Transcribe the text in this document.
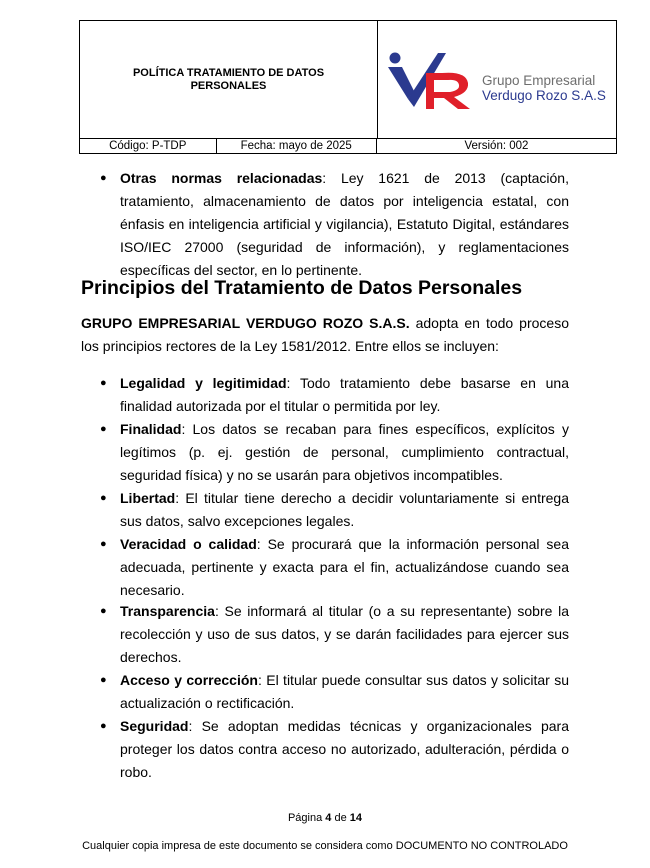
POLÍTICA TRATAMIENTO DE DATOS
PERSONALES	Grupo Empresarial
Verdugo Rozo S.A.S
Código: P-TDP	Fecha: mayo de 2025	Versión: 002
● Otras normas relacionadas: Ley 1621 de 2013 (captación, tratamiento, almacenamiento de datos por inteligencia estatal, con énfasis en inteligencia artificial y vigilancia), Estatuto Digital, estándares ISO/IEC 27000 (seguridad de información), y reglamentaciones específicas del sector, en lo pertinente.
Principios del Tratamiento de Datos Personales
GRUPO EMPRESARIAL VERDUGO ROZO S.A.S. adopta en todo proceso los principios rectores de la Ley 1581/2012. Entre ellos se incluyen:
● Legalidad y legitimidad: Todo tratamiento debe basarse en una finalidad autorizada por el titular o permitida por ley.
● Finalidad: Los datos se recaban para fines específicos, explícitos y legítimos (p. ej. gestión de personal, cumplimiento contractual, seguridad física) y no se usarán para objetivos incompatibles.
● Libertad: El titular tiene derecho a decidir voluntariamente si entrega sus datos, salvo excepciones legales.
● Veracidad o calidad: Se procurará que la información personal sea adecuada, pertinente y exacta para el fin, actualizándose cuando sea necesario.
● Transparencia: Se informará al titular (o a su representante) sobre la recolección y uso de sus datos, y se darán facilidades para ejercer sus derechos.
● Acceso y corrección: El titular puede consultar sus datos y solicitar su actualización o rectificación.
● Seguridad: Se adoptan medidas técnicas y organizacionales para proteger los datos contra acceso no autorizado, adulteración, pérdida o robo.
Página 4 de 14
Cualquier copia impresa de este documento se considera como DOCUMENTO NO CONTROLADO
